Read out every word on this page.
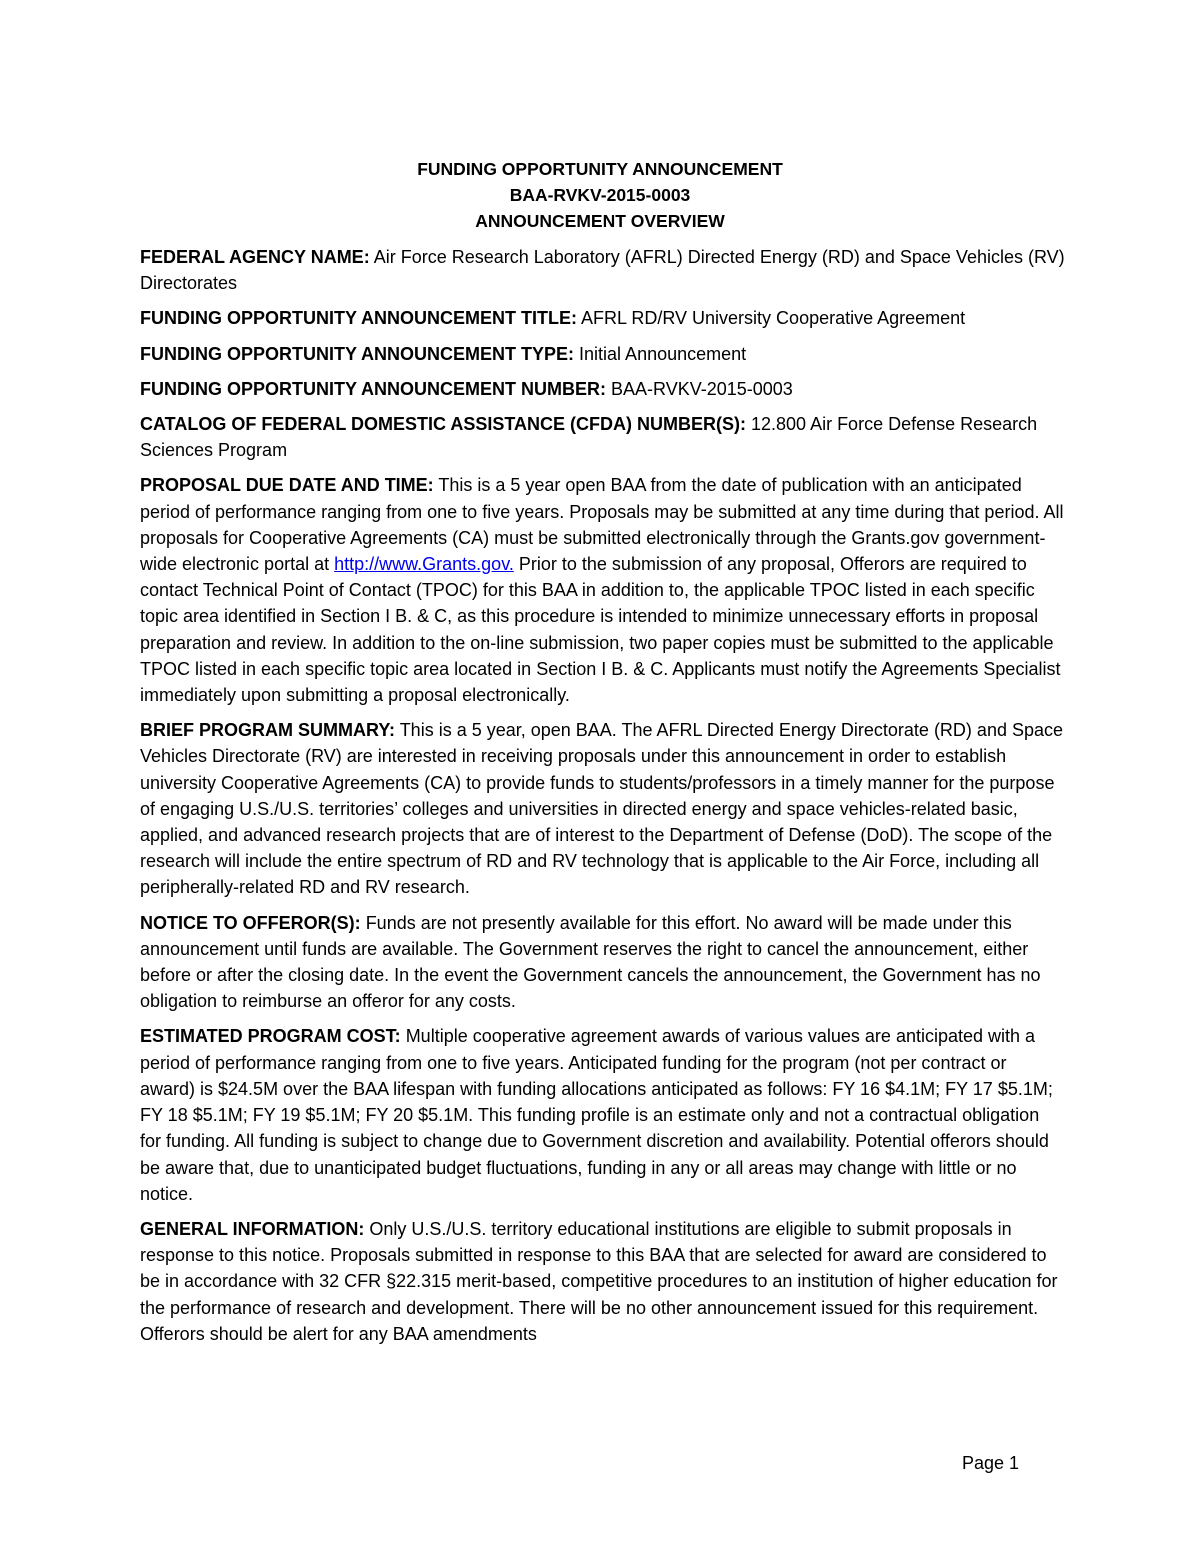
FUNDING OPPORTUNITY ANNOUNCEMENT
BAA-RVKV-2015-0003
ANNOUNCEMENT OVERVIEW

FEDERAL AGENCY NAME: Air Force Research Laboratory (AFRL) Directed Energy (RD) and Space Vehicles (RV) Directorates

FUNDING OPPORTUNITY ANNOUNCEMENT TITLE: AFRL RD/RV University Cooperative Agreement

FUNDING OPPORTUNITY ANNOUNCEMENT TYPE: Initial Announcement

FUNDING OPPORTUNITY ANNOUNCEMENT NUMBER: BAA-RVKV-2015-0003

CATALOG OF FEDERAL DOMESTIC ASSISTANCE (CFDA) NUMBER(S): 12.800 Air Force Defense Research Sciences Program

PROPOSAL DUE DATE AND TIME: This is a 5 year open BAA from the date of publication with an anticipated period of performance ranging from one to five years. Proposals may be submitted at any time during that period. All proposals for Cooperative Agreements (CA) must be submitted electronically through the Grants.gov government-wide electronic portal at http://www.Grants.gov. Prior to the submission of any proposal, Offerors are required to contact Technical Point of Contact (TPOC) for this BAA in addition to, the applicable TPOC listed in each specific topic area identified in Section I B. & C, as this procedure is intended to minimize unnecessary efforts in proposal preparation and review. In addition to the on-line submission, two paper copies must be submitted to the applicable TPOC listed in each specific topic area located in Section I B. & C. Applicants must notify the Agreements Specialist immediately upon submitting a proposal electronically.

BRIEF PROGRAM SUMMARY: This is a 5 year, open BAA. The AFRL Directed Energy Directorate (RD) and Space Vehicles Directorate (RV) are interested in receiving proposals under this announcement in order to establish university Cooperative Agreements (CA) to provide funds to students/professors in a timely manner for the purpose of engaging U.S./U.S. territories’ colleges and universities in directed energy and space vehicles-related basic, applied, and advanced research projects that are of interest to the Department of Defense (DoD). The scope of the research will include the entire spectrum of RD and RV technology that is applicable to the Air Force, including all peripherally-related RD and RV research.

NOTICE TO OFFEROR(S): Funds are not presently available for this effort. No award will be made under this announcement until funds are available. The Government reserves the right to cancel the announcement, either before or after the closing date. In the event the Government cancels the announcement, the Government has no obligation to reimburse an offeror for any costs.

ESTIMATED PROGRAM COST: Multiple cooperative agreement awards of various values are anticipated with a period of performance ranging from one to five years. Anticipated funding for the program (not per contract or award) is $24.5M over the BAA lifespan with funding allocations anticipated as follows: FY 16 $4.1M; FY 17 $5.1M; FY 18 $5.1M; FY 19 $5.1M; FY 20 $5.1M. This funding profile is an estimate only and not a contractual obligation for funding. All funding is subject to change due to Government discretion and availability. Potential offerors should be aware that, due to unanticipated budget fluctuations, funding in any or all areas may change with little or no notice.

GENERAL INFORMATION: Only U.S./U.S. territory educational institutions are eligible to submit proposals in response to this notice. Proposals submitted in response to this BAA that are selected for award are considered to be in accordance with 32 CFR §22.315 merit-based, competitive procedures to an institution of higher education for the performance of research and development. There will be no other announcement issued for this requirement. Offerors should be alert for any BAA amendments

Page 1
